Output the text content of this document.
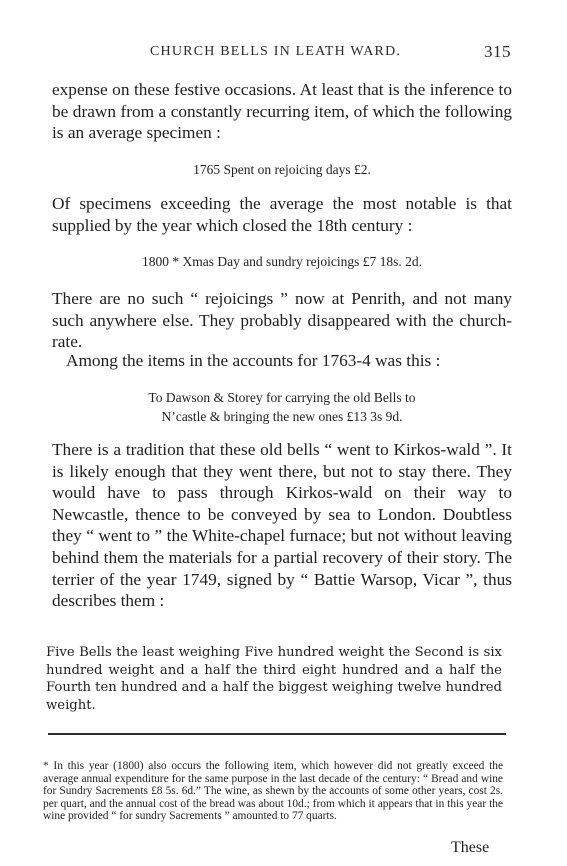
CHURCH BELLS IN LEATH WARD.	315

expense on these festive occasions. At least that is the inference to be drawn from a constantly recurring item, of which the following is an average specimen :

1765 Spent on rejoicing days £2.

Of specimens exceeding the average the most notable is that supplied by the year which closed the 18th century :

1800 * Xmas Day and sundry rejoicings £7 18s. 2d.

There are no such “ rejoicings ” now at Penrith, and not many such anywhere else. They probably disappeared with the church-rate.

Among the items in the accounts for 1763-4 was this :

To Dawson & Storey for carrying the old Bells to
N’castle & bringing the new ones £13 3s 9d.

There is a tradition that these old bells “ went to Kirkos-wald ”. It is likely enough that they went there, but not to stay there. They would have to pass through Kirkos-wald on their way to Newcastle, thence to be conveyed by sea to London. Doubtless they “ went to ” the White-chapel furnace; but not without leaving behind them the materials for a partial recovery of their story. The terrier of the year 1749, signed by “ Battie Warsop, Vicar ”, thus describes them :

Five Bells the least weighing Five hundred weight the Second is six hundred weight and a half the third eight hundred and a half the Fourth ten hundred and a half the biggest weighing twelve hundred weight.

* In this year (1800) also occurs the following item, which however did not greatly exceed the average annual expenditure for the same purpose in the last decade of the century: “ Bread and wine for Sundry Sacrements £8 5s. 6d.” The wine, as shewn by the accounts of some other years, cost 2s. per quart, and the annual cost of the bread was about 10d.; from which it appears that in this year the wine provided “ for sundry Sacrements ” amounted to 77 quarts.

These
